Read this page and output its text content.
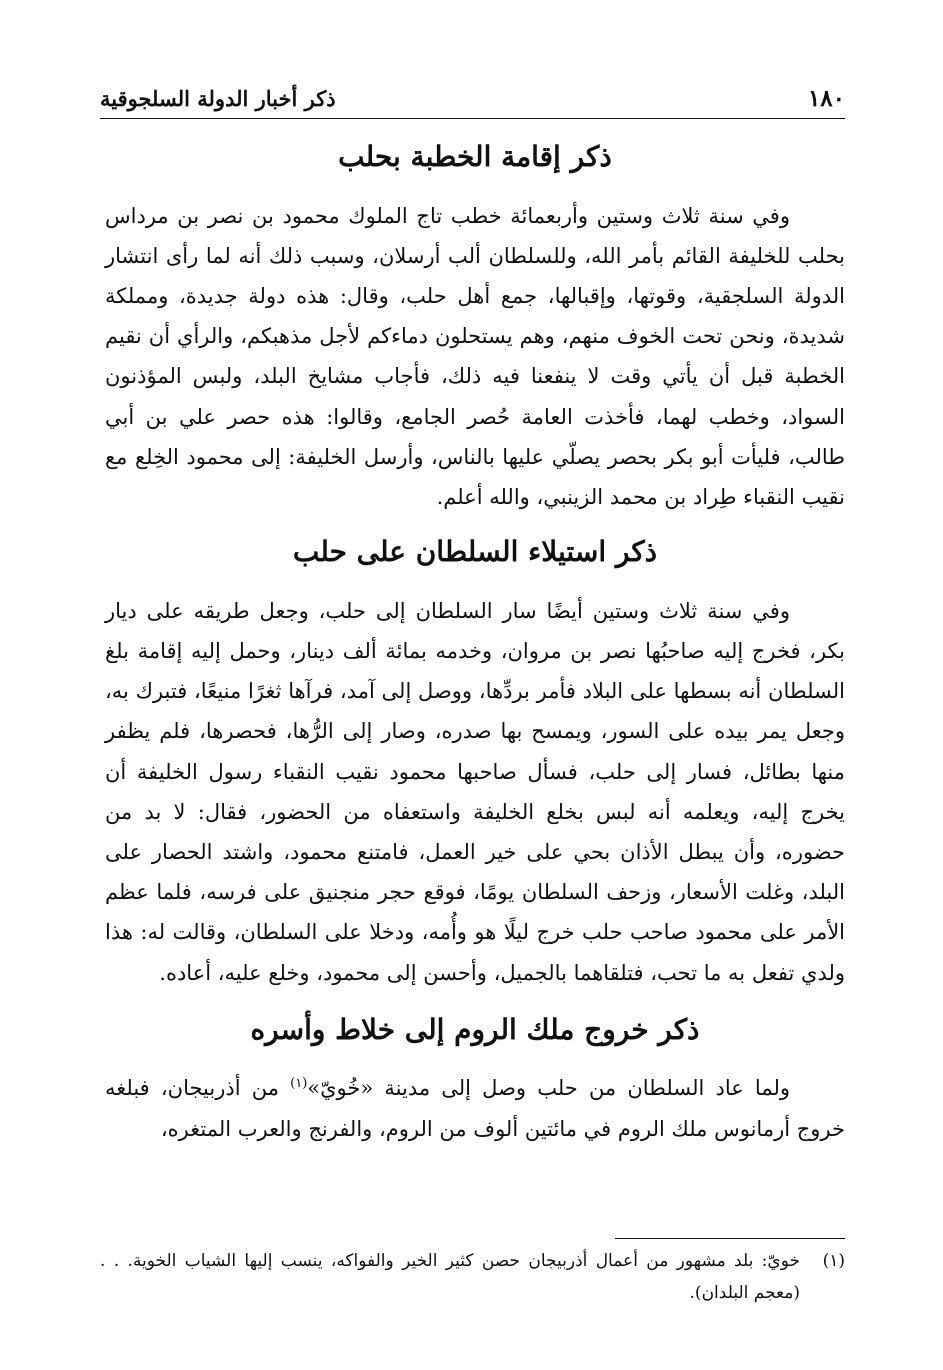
١٨٠
ذكر أخبار الدولة السلجوقية
ذكر إقامة الخطبة بحلب

وفي سنة ثلاث وستين وأربعمائة خطب تاج الملوك محمود بن نصر بن مرداس بحلب للخليفة القائم بأمر الله، وللسلطان ألب أرسلان، وسبب ذلك أنه لما رأى انتشار الدولة السلجقية، وقوتها، وإقبالها، جمع أهل حلب، وقال: هذه دولة جديدة، ومملكة شديدة، ونحن تحت الخوف منهم، وهم يستحلون دماءكم لأجل مذهبكم، والرأي أن نقيم الخطبة قبل أن يأتي وقت لا ينفعنا فيه ذلك، فأجاب مشايخ البلد، ولبس المؤذنون السواد، وخطب لهما، فأخذت العامة حُصر الجامع، وقالوا: هذه حصر علي بن أبي طالب، فليأت أبو بكر بحصر يصلّي عليها بالناس، وأرسل الخليفة: إلى محمود الخِلع مع نقيب النقباء طِراد بن محمد الزينبي، والله أعلم.

ذكر استيلاء السلطان على حلب

وفي سنة ثلاث وستين أيضًا سار السلطان إلى حلب، وجعل طريقه على ديار بكر، فخرج إليه صاحبُها نصر بن مروان، وخدمه بمائة ألف دينار، وحمل إليه إقامة بلغ السلطان أنه بسطها على البلاد فأمر بردِّها، ووصل إلى آمد، فرآها ثغرًا منيعًا، فتبرك به، وجعل يمر بيده على السور، ويمسح بها صدره، وصار إلى الرُّها، فحصرها، فلم يظفر منها بطائل، فسار إلى حلب، فسأل صاحبها محمود نقيب النقباء رسول الخليفة أن يخرج إليه، ويعلمه أنه لبس بخلع الخليفة واستعفاه من الحضور، فقال: لا بد من حضوره، وأن يبطل الأذان بحي على خير العمل، فامتنع محمود، واشتد الحصار على البلد، وغلت الأسعار، وزحف السلطان يومًا، فوقع حجر منجنيق على فرسه، فلما عظم الأمر على محمود صاحب حلب خرج ليلًا هو وأُمه، ودخلا على السلطان، وقالت له: هذا ولدي تفعل به ما تحب، فتلقاهما بالجميل، وأحسن إلى محمود، وخلع عليه، أعاده.

ذكر خروج ملك الروم إلى خلاط وأسره

ولما عاد السلطان من حلب وصل إلى مدينة «خُويّ»$^{(١)}$ من أذربيجان، فبلغه خروج أرمانوس ملك الروم في مائتين ألوف من الروم، والفرنج والعرب المتغره،

(١)
خويّ: بلد مشهور من أعمال أذربيجان حصن كثير الخير والفواكه، ينسب إليها الشياب الخوية. . . (معجم البلدان).
